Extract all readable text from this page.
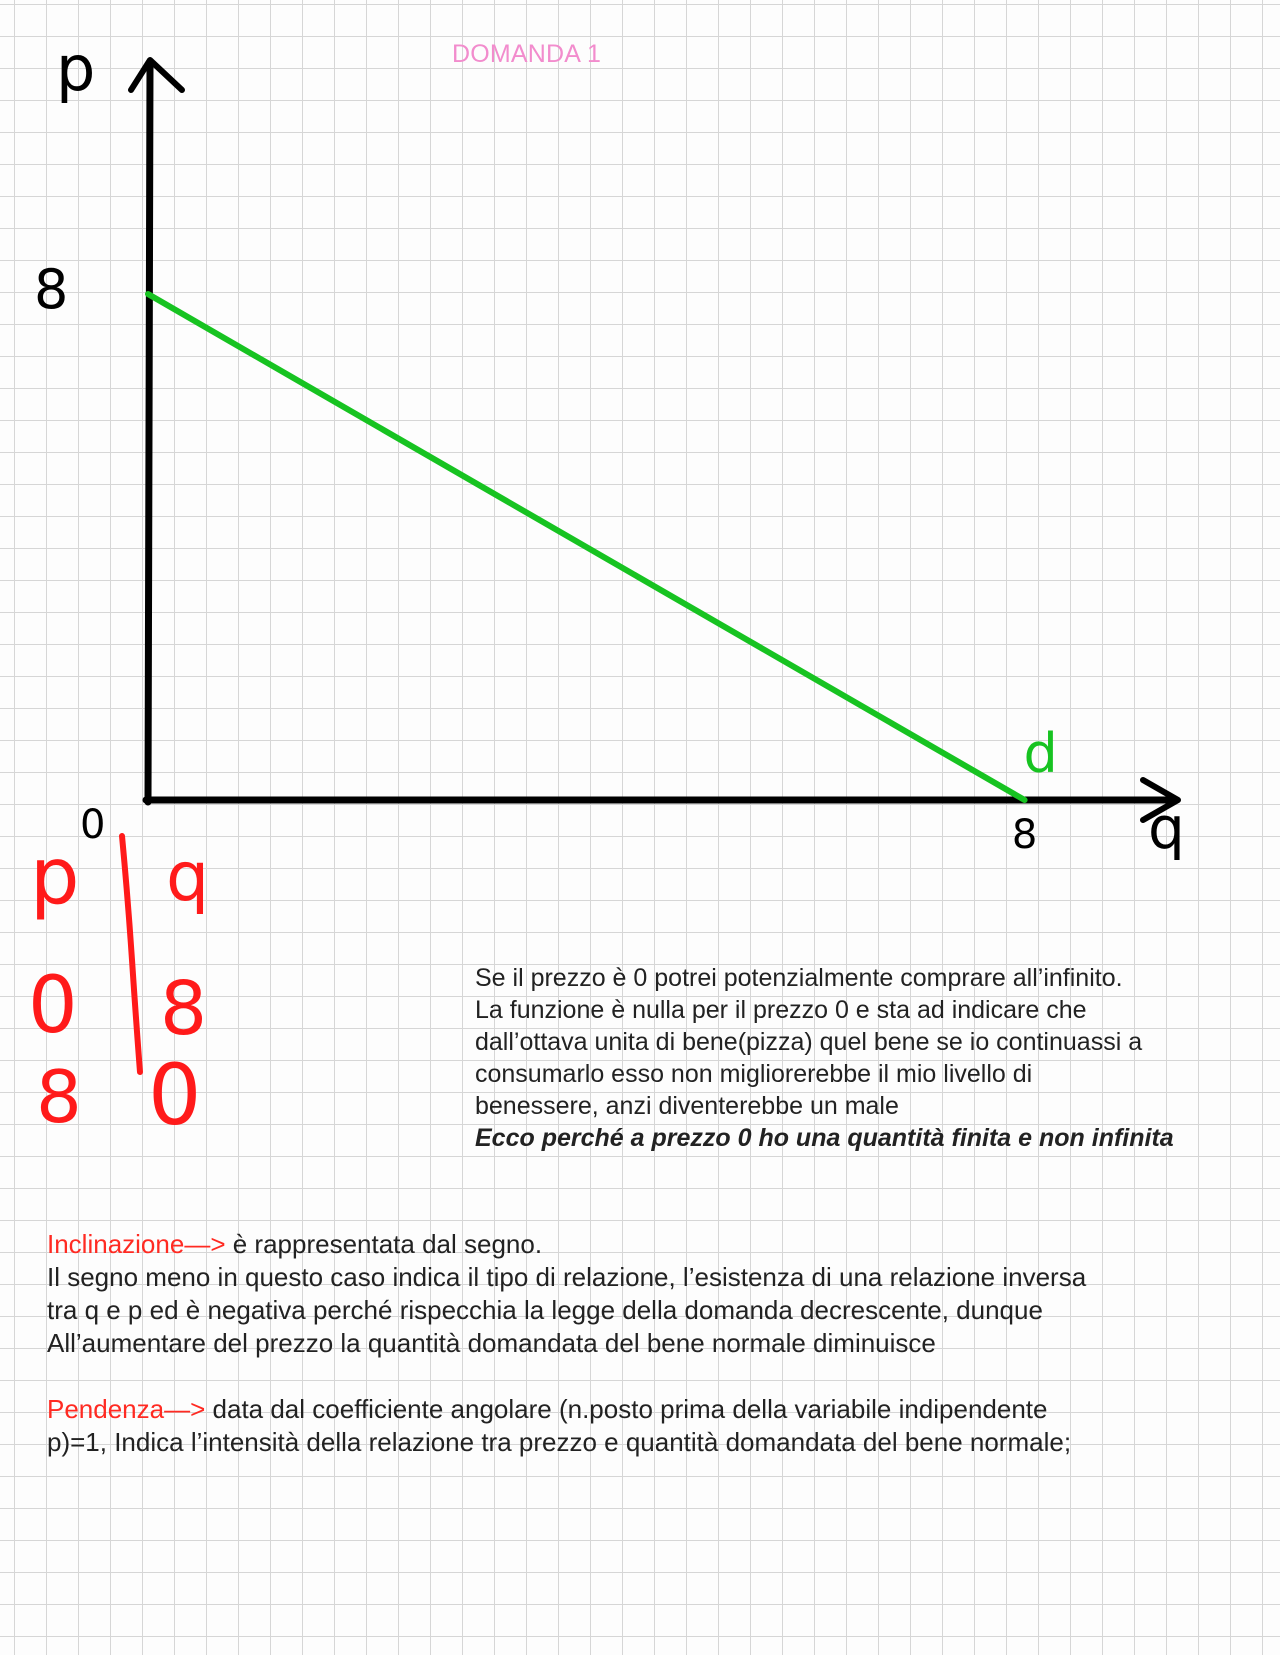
DOMANDA 1
p
q
0
8
8
d
p q
0 8
8 0
Se il prezzo è 0 potrei potenzialmente comprare all’infinito.
La funzione è nulla per il prezzo 0 e sta ad indicare che
dall’ottava unita di bene(pizza) quel bene se io continuassi a
consumarlo esso non migliorerebbe il mio livello di
benessere, anzi diventerebbe un male
Ecco perché a prezzo 0 ho una quantità finita e non infinita
Inclinazione—> è rappresentata dal segno.
Il segno meno in questo caso indica il tipo di relazione, l’esistenza di una relazione inversa
tra q e p ed è negativa perché rispecchia la legge della domanda decrescente, dunque
All’aumentare del prezzo la quantità domandata del bene normale diminuisce
Pendenza—> data dal coefficiente angolare (n.posto prima della variabile indipendente
p)=1, Indica l’intensità della relazione tra prezzo e quantità domandata del bene normale;
